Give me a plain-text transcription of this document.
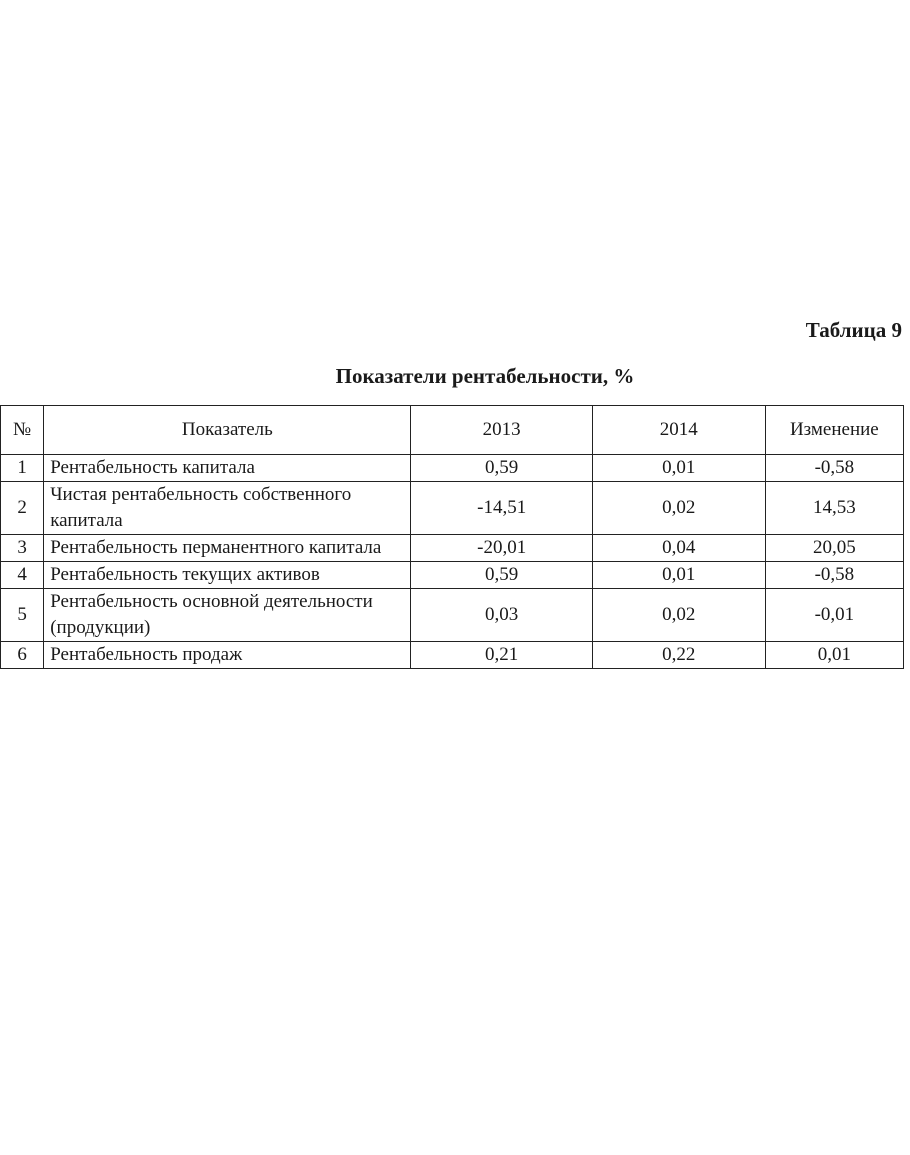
Таблица 9
Показатели рентабельности, %
№	Показатель	2013	2014	Изменение
1	Рентабельность капитала	0,59	0,01	-0,58
2	Чистая рентабельность собственного капитала	-14,51	0,02	14,53
3	Рентабельность перманентного капитала	-20,01	0,04	20,05
4	Рентабельность текущих активов	0,59	0,01	-0,58
5	Рентабельность основной деятельности (продукции)	0,03	0,02	-0,01
6	Рентабельность продаж	0,21	0,22	0,01
